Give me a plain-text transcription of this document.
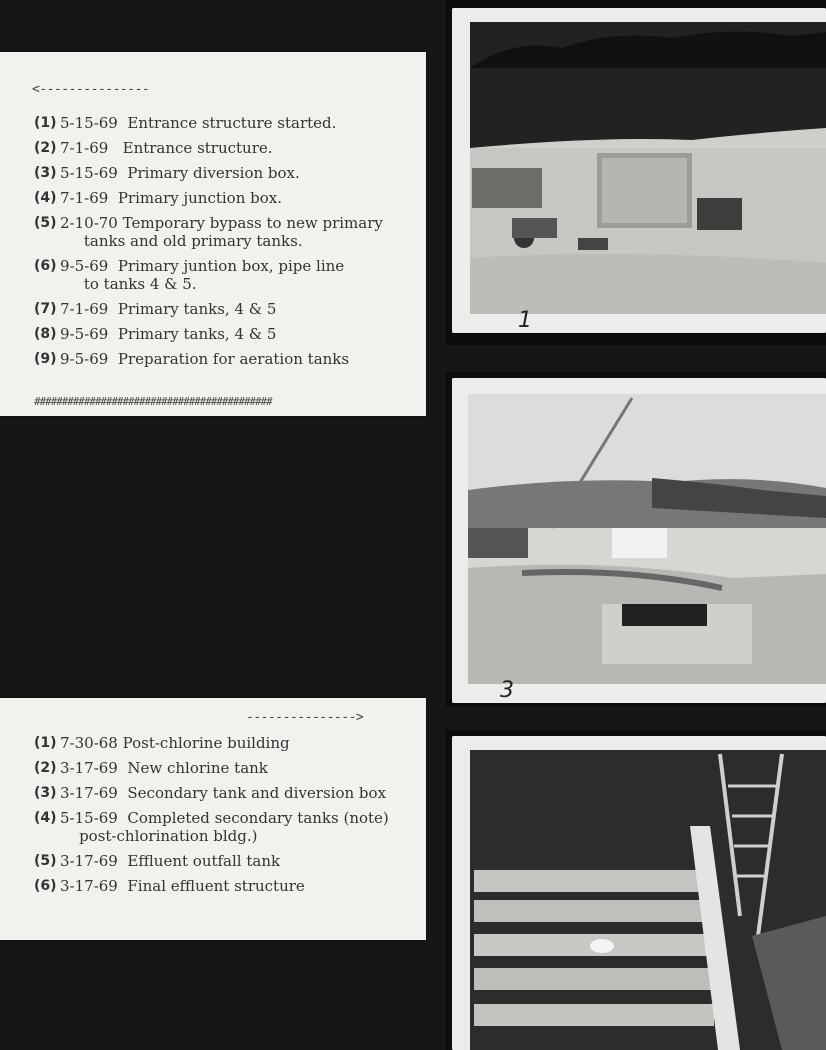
<---------------
(1) 5-15-69  Entrance structure started.
(2) 7-1-69   Entrance structure.
(3) 5-15-69  Primary diversion box.
(4) 7-1-69  Primary junction box.
(5) 2-10-70 Temporary bypass to new primary
tanks and old primary tanks.
(6) 9-5-69  Primary juntion box, pipe line
to tanks 4 & 5.
(7) 7-1-69  Primary tanks, 4 & 5
(8) 9-5-69  Primary tanks, 4 & 5
(9) 9-5-69  Preparation for aeration tanks
###########################################
--------------->
(1) 7-30-68 Post-chlorine building
(2) 3-17-69  New chlorine tank
(3) 3-17-69  Secondary tank and diversion box
(4) 5-15-69  Completed secondary tanks (note)
post-chlorination bldg.)
(5) 3-17-69  Effluent outfall tank
(6) 3-17-69  Final effluent structure
1
3
